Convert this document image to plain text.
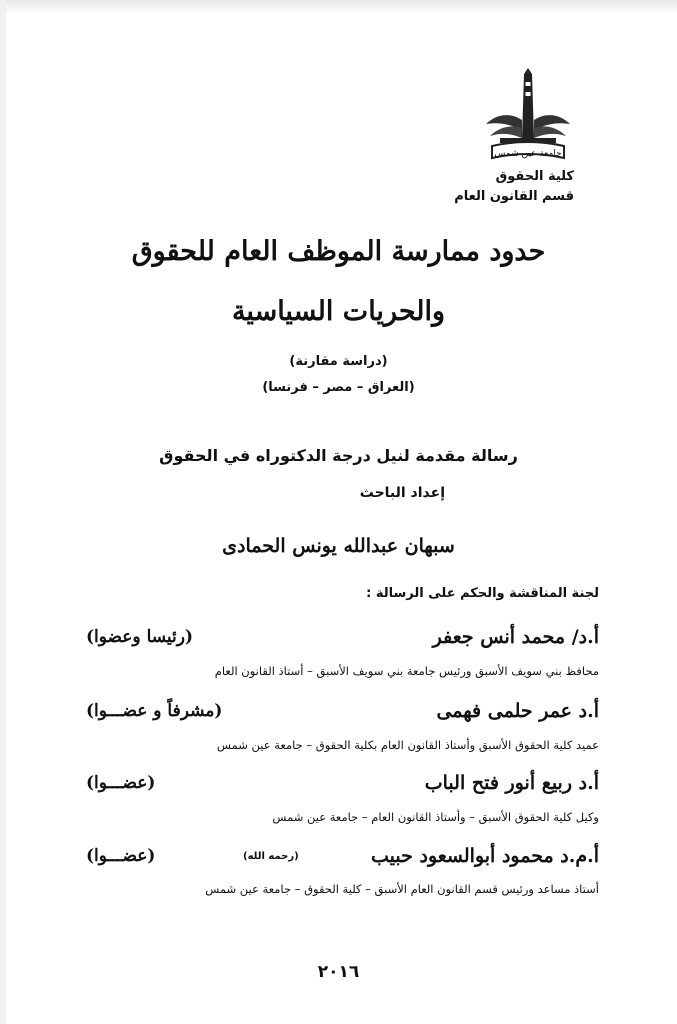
جامعة عين شمس
كلية الحقوق
قسم القانون العام
حدود ممارسة الموظف العام للحقوق
والحريات السياسية
(دراسة مقارنة)
(العراق – مصر – فرنسا)
رسالة مقدمة لنيل درجة الدكتوراه في الحقوق
إعداد الباحث
سبهان عبدالله يونس الحمادى
لجنة المناقشة والحكم على الرسالة :
أ.د/ محمد أنس جعفر
(رئيسا وعضوا)
محافظ بني سويف الأسبق ورئيس جامعة بني سويف الأسبق – أستاذ القانون العام
أ.د عمر حلمى فهمى
(مشرفاً و عضـــوا)
عميد كلية الحقوق الأسبق وأستاذ القانون العام بكلية الحقوق – جامعة عين شمس
أ.د ربيع أنور فتح الباب
(عضـــوا)
وكيل كلية الحقوق الأسبق – وأستاذ القانون العام – جامعة عين شمس
أ.م.د محمود أبوالسعود حبيب
(رحمه الله)
(عضـــوا)
أستاذ مساعد ورئيس قسم القانون العام الأسبق – كلية الحقوق – جامعة عين شمس
٢٠١٦
